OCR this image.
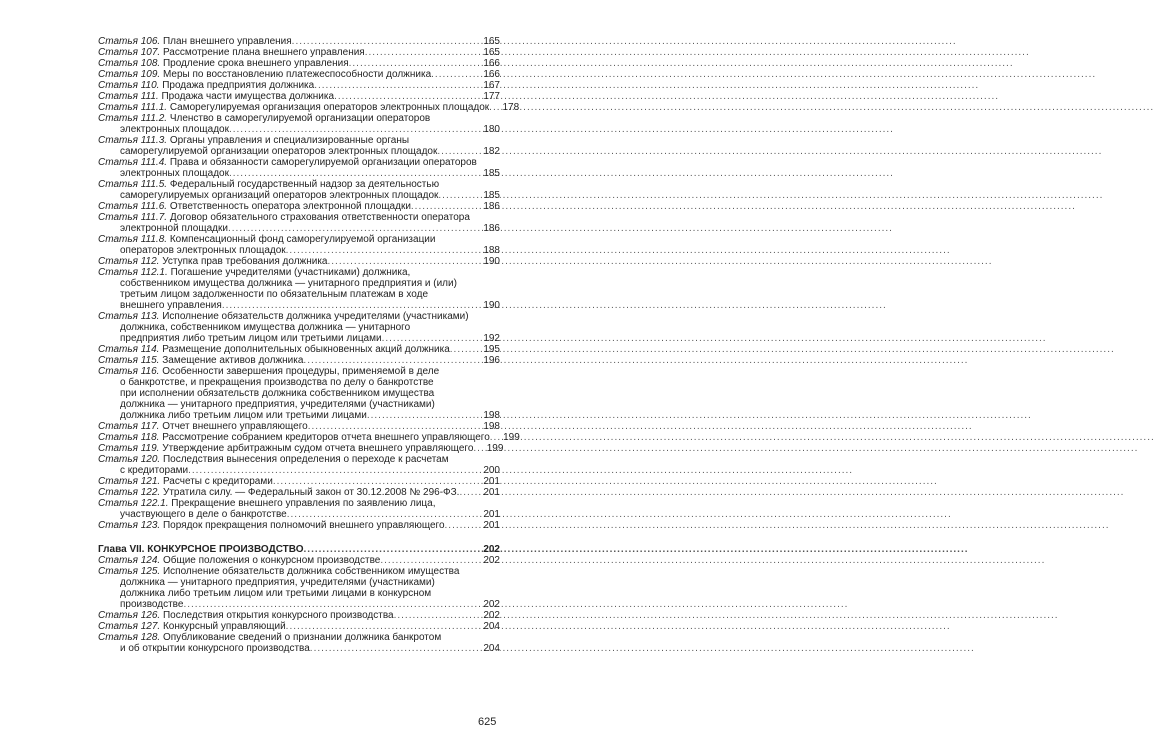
Статья 106. План внешнего управления .....	165
Статья 107. Рассмотрение плана внешнего управления .....	165
Статья 108. Продление срока внешнего управления .....	166
Статья 109. Меры по восстановлению платежеспособности должника .....	166
Статья 110. Продажа предприятия должника .....	167
Статья 111. Продажа части имущества должника .....	177
Статья 111.1. Саморегулируемая организация операторов электронных площадок .....	178
Статья 111.2. Членство в саморегулируемой организации операторов
электронных площадок .....	180
Статья 111.3. Органы управления и специализированные органы
саморегулируемой организации операторов электронных площадок .....	182
Статья 111.4. Права и обязанности саморегулируемой организации операторов
электронных площадок .....	185
Статья 111.5. Федеральный государственный надзор за деятельностью
саморегулируемых организаций операторов электронных площадок .....	185
Статья 111.6. Ответственность оператора электронной площадки .....	186
Статья 111.7. Договор обязательного страхования ответственности оператора
электронной площадки .....	186
Статья 111.8. Компенсационный фонд саморегулируемой организации
операторов электронных площадок .....	188
Статья 112. Уступка прав требования должника .....	190
Статья 112.1. Погашение учредителями (участниками) должника,
собственником имущества должника — унитарного предприятия и (или)
третьим лицом задолженности по обязательным платежам в ходе
внешнего управления .....	190
Статья 113. Исполнение обязательств должника учредителями (участниками)
должника, собственником имущества должника — унитарного
предприятия либо третьим лицом или третьими лицами .....	192
Статья 114. Размещение дополнительных обыкновенных акций должника .....	195
Статья 115. Замещение активов должника .....	196
Статья 116. Особенности завершения процедуры, применяемой в деле
о банкротстве, и прекращения производства по делу о банкротстве
при исполнении обязательств должника собственником имущества
должника — унитарного предприятия, учредителями (участниками)
должника либо третьим лицом или третьими лицами .....	198
Статья 117. Отчет внешнего управляющего .....	198
Статья 118. Рассмотрение собранием кредиторов отчета внешнего управляющего .....	199
Статья 119. Утверждение арбитражным судом отчета внешнего управляющего .....	199
Статья 120. Последствия вынесения определения о переходе к расчетам
с кредиторами .....	200
Статья 121. Расчеты с кредиторами .....	201
Статья 122. Утратила силу. — Федеральный закон от 30.12.2008 № 296-ФЗ. .....	201
Статья 122.1. Прекращение внешнего управления по заявлению лица,
участвующего в деле о банкротстве .....	201
Статья 123. Порядок прекращения полномочий внешнего управляющего .....	201
Глава VII. КОНКУРСНОЕ ПРОИЗВОДСТВО .....	202
Статья 124. Общие положения о конкурсном производстве .....	202
Статья 125. Исполнение обязательств должника собственником имущества
должника — унитарного предприятия, учредителями (участниками)
должника либо третьим лицом или третьими лицами в конкурсном
производстве .....	202
Статья 126. Последствия открытия конкурсного производства .....	202
Статья 127. Конкурсный управляющий .....	204
Статья 128. Опубликование сведений о признании должника банкротом
и об открытии конкурсного производства .....	204
625
